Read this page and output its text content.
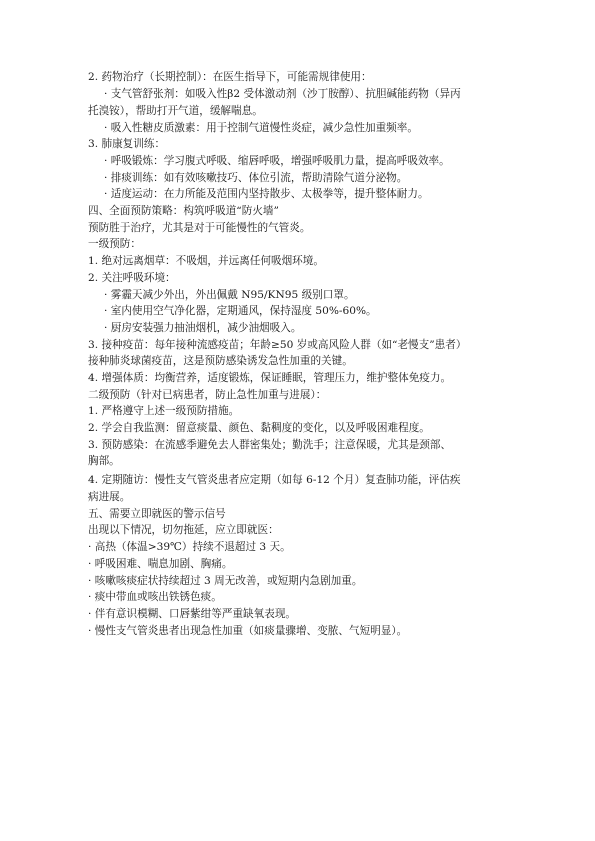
2. 药物治疗（长期控制）：在医生指导下，可能需规律使用：
· 支气管舒张剂：如吸入性β2 受体激动剂（沙丁胺醇）、抗胆碱能药物（异丙
托溴铵），帮助打开气道，缓解喘息。
· 吸入性糖皮质激素：用于控制气道慢性炎症，减少急性加重频率。
3. 肺康复训练：
· 呼吸锻炼：学习腹式呼吸、缩唇呼吸，增强呼吸肌力量，提高呼吸效率。
· 排痰训练：如有效咳嗽技巧、体位引流，帮助清除气道分泌物。
· 适度运动：在力所能及范围内坚持散步、太极拳等，提升整体耐力。
四、全面预防策略：构筑呼吸道“防火墙”
预防胜于治疗，尤其是对于可能慢性的气管炎。
一级预防：
1. 绝对远离烟草：不吸烟，并远离任何吸烟环境。
2. 关注呼吸环境：
· 雾霾天减少外出，外出佩戴 N95/KN95 级别口罩。
· 室内使用空气净化器，定期通风，保持湿度 50%-60%。
· 厨房安装强力抽油烟机，减少油烟吸入。
3. 接种疫苗：每年接种流感疫苗；年龄≥50 岁或高风险人群（如“老慢支”患者）
接种肺炎球菌疫苗，这是预防感染诱发急性加重的关键。
4. 增强体质：均衡营养，适度锻炼，保证睡眠，管理压力，维护整体免疫力。
二级预防（针对已病患者，防止急性加重与进展）：
1. 严格遵守上述一级预防措施。
2. 学会自我监测：留意痰量、颜色、黏稠度的变化，以及呼吸困难程度。
3. 预防感染：在流感季避免去人群密集处；勤洗手；注意保暖，尤其是颈部、
胸部。
4. 定期随访：慢性支气管炎患者应定期（如每 6-12 个月）复查肺功能，评估疾
病进展。
五、需要立即就医的警示信号
出现以下情况，切勿拖延，应立即就医：
· 高热（体温>39℃）持续不退超过 3 天。
· 呼吸困难、喘息加剧、胸痛。
· 咳嗽咳痰症状持续超过 3 周无改善，或短期内急剧加重。
· 痰中带血或咳出铁锈色痰。
· 伴有意识模糊、口唇紫绀等严重缺氧表现。
· 慢性支气管炎患者出现急性加重（如痰量骤增、变脓、气短明显）。
